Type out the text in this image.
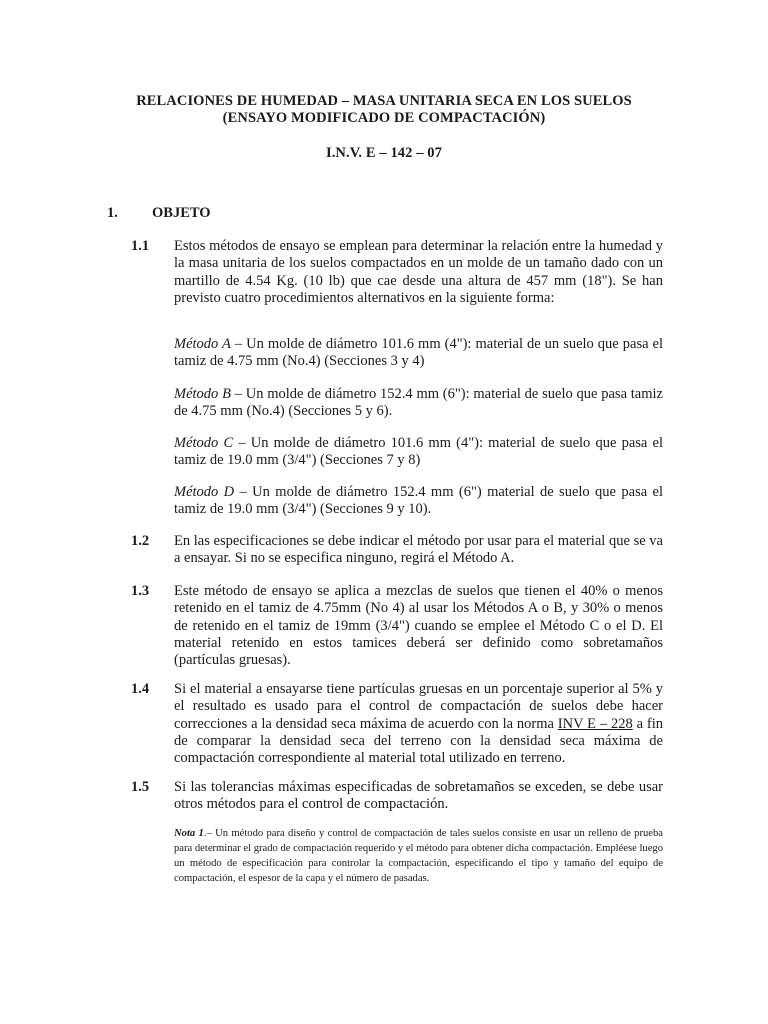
RELACIONES DE HUMEDAD – MASA UNITARIA SECA EN LOS SUELOS
(ENSAYO MODIFICADO DE COMPACTACIÓN)
I.N.V. E – 142 – 07
1. OBJETO
1.1 Estos métodos de ensayo se emplean para determinar la relación entre la humedad y la masa unitaria de los suelos compactados en un molde de un tamaño dado con un martillo de 4.54 Kg. (10 lb) que cae desde una altura de 457 mm (18"). Se han previsto cuatro procedimientos alternativos en la siguiente forma:
Método A – Un molde de diámetro 101.6 mm (4"): material de un suelo que pasa el tamiz de 4.75 mm (No.4) (Secciones 3 y 4)
Método B – Un molde de diámetro 152.4 mm (6"): material de suelo que pasa tamiz de 4.75 mm (No.4) (Secciones 5 y 6).
Método C – Un molde de diámetro 101.6 mm (4"): material de suelo que pasa el tamiz de 19.0 mm (3/4") (Secciones 7 y 8)
Método D – Un molde de diámetro 152.4 mm (6") material de suelo que pasa el tamiz de 19.0 mm (3/4") (Secciones 9 y 10).
1.2 En las especificaciones se debe indicar el método por usar para el material que se va a ensayar. Si no se especifica ninguno, regirá el Método A.
1.3 Este método de ensayo se aplica a mezclas de suelos que tienen el 40% o menos retenido en el tamiz de 4.75mm (No 4) al usar los Métodos A o B, y 30% o menos de retenido en el tamiz de 19mm (3/4") cuando se emplee el Método C o el D. El material retenido en estos tamices deberá ser definido como sobretamaños (partículas gruesas).
1.4 Si el material a ensayarse tiene partículas gruesas en un porcentaje superior al 5% y el resultado es usado para el control de compactación de suelos debe hacer correcciones a la densidad seca máxima de acuerdo con la norma INV E – 228 a fin de comparar la densidad seca del terreno con la densidad seca máxima de compactación correspondiente al material total utilizado en terreno.
1.5 Si las tolerancias máximas especificadas de sobretamaños se exceden, se debe usar otros métodos para el control de compactación.
Nota 1.– Un método para diseño y control de compactación de tales suelos consiste en usar un relleno de prueba para determinar el grado de compactación requerido y el método para obtener dicha compactación. Empléese luego un método de especificación para controlar la compactación, especificando el tipo y tamaño del equipo de compactación, el espesor de la capa y el número de pasadas.
